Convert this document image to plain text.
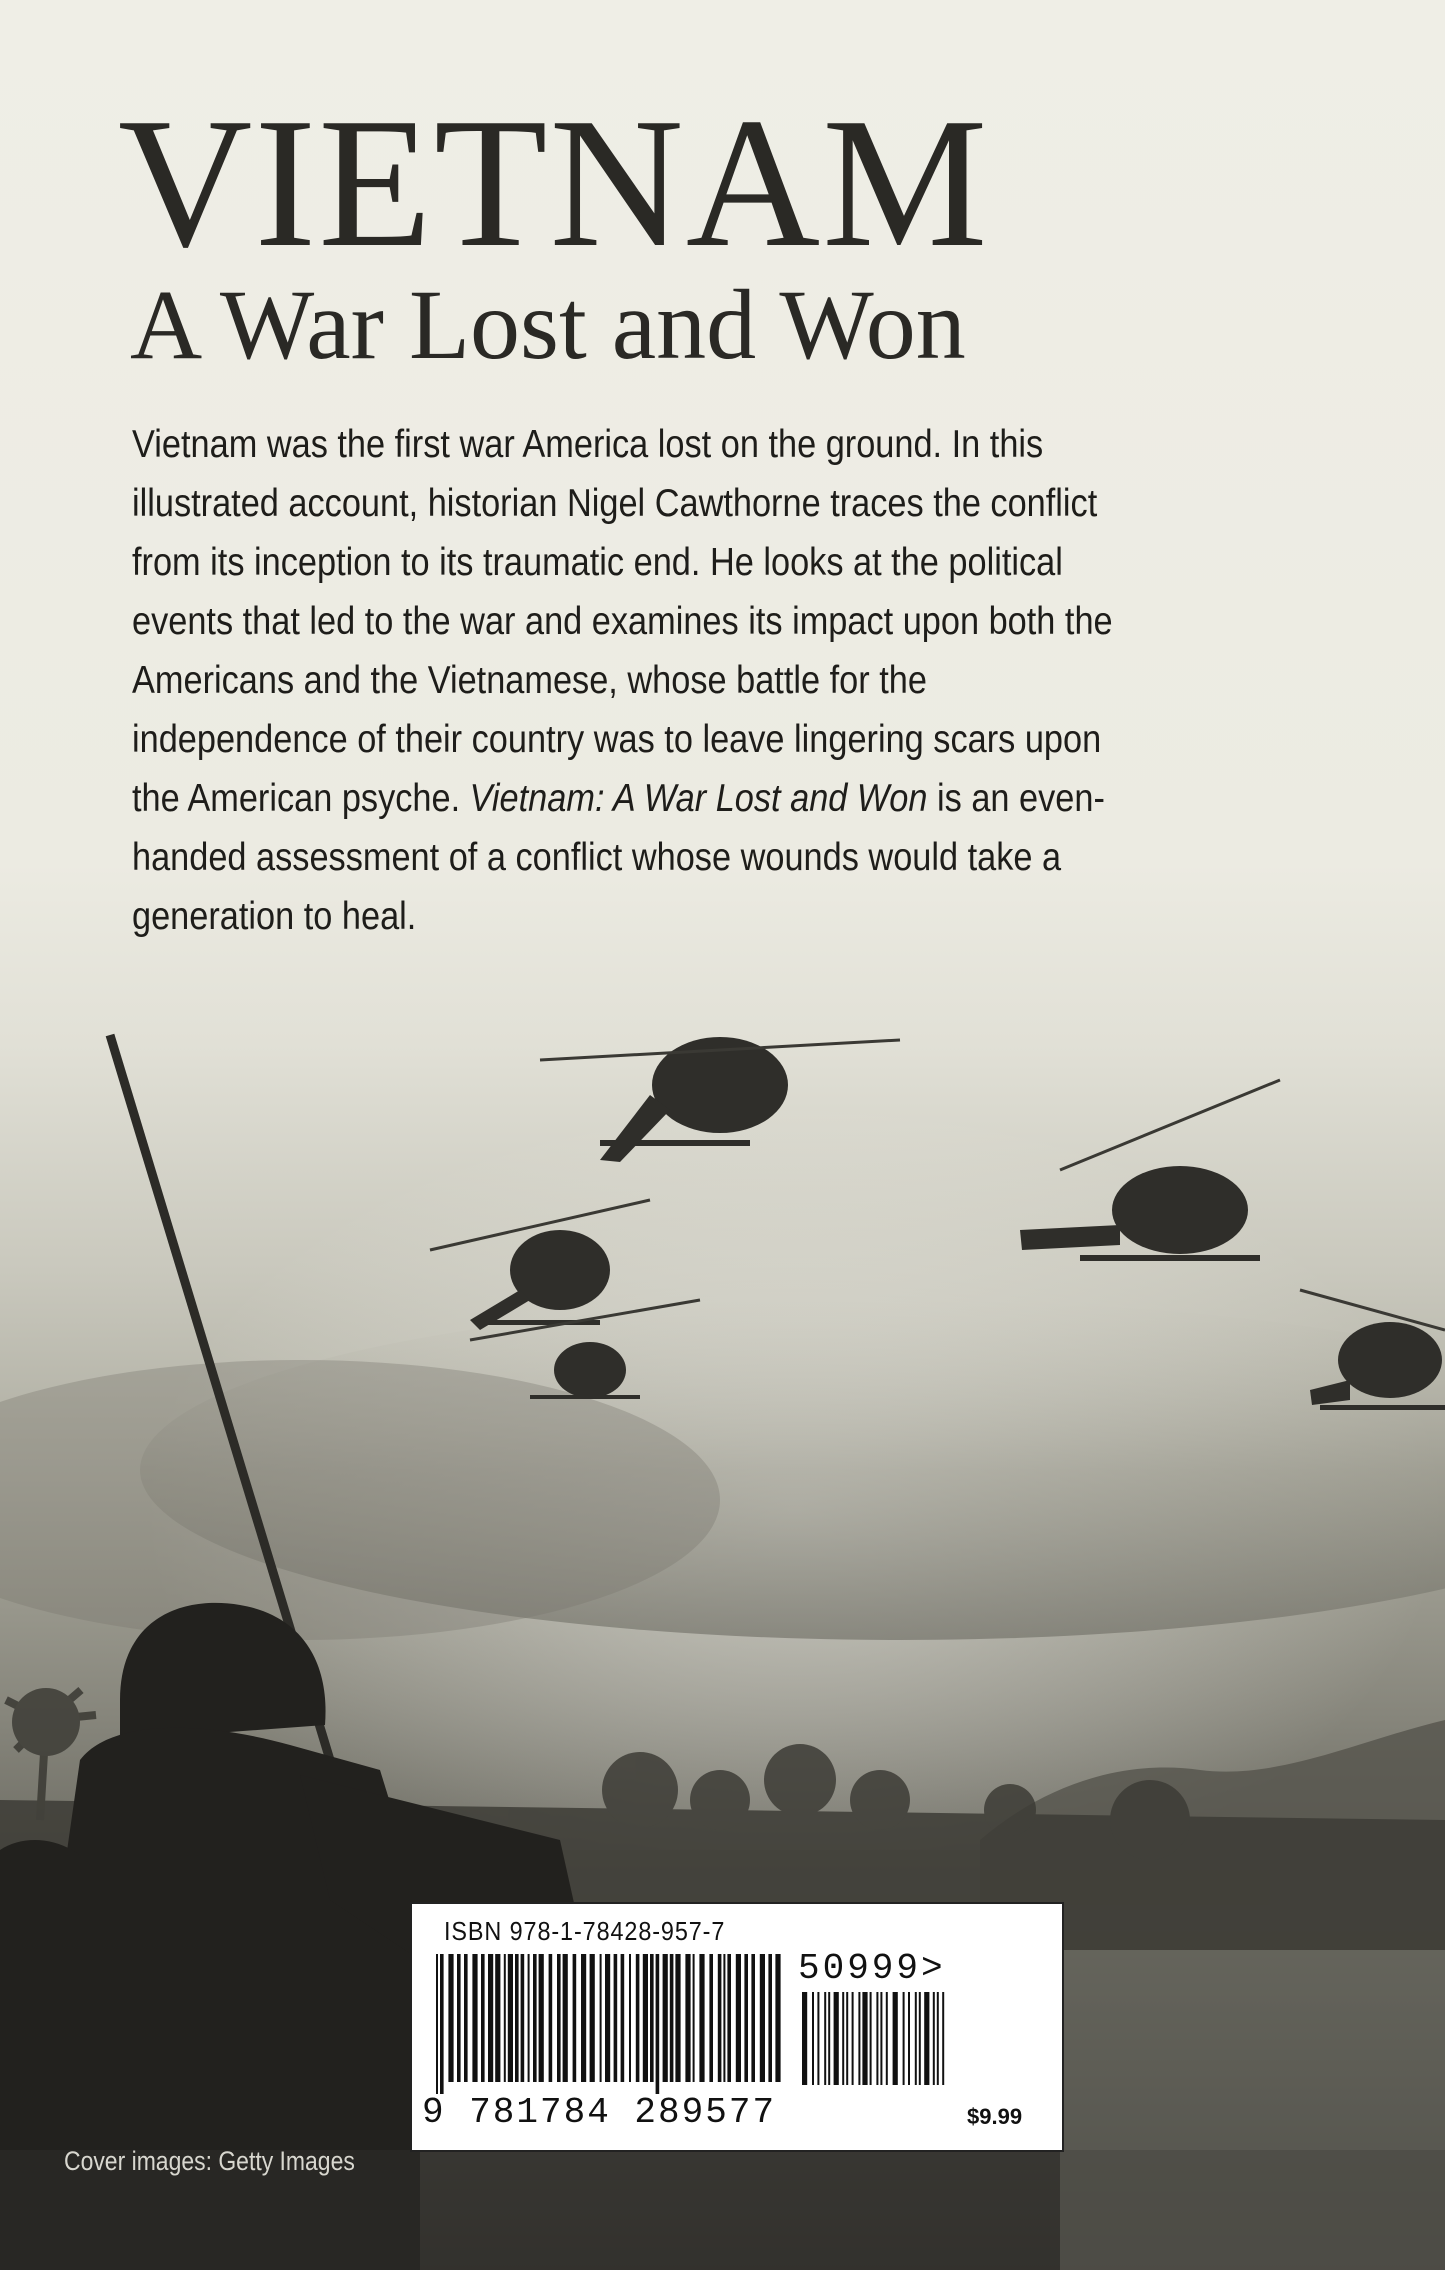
VIETNAM
A War Lost and Won
Vietnam was the first war America lost on the ground. In this illustrated account, historian Nigel Cawthorne traces the conflict from its inception to its traumatic end. He looks at the political events that led to the war and examines its impact upon both the Americans and the Vietnamese, whose battle for the independence of their country was to leave lingering scars upon the American psyche. Vietnam: A War Lost and Won is an even-handed assessment of a conflict whose wounds would take a generation to heal.
Cover images: Getty Images
ISBN 978-1-78428-957-7
9 781784 289577
50999>
$9.99
